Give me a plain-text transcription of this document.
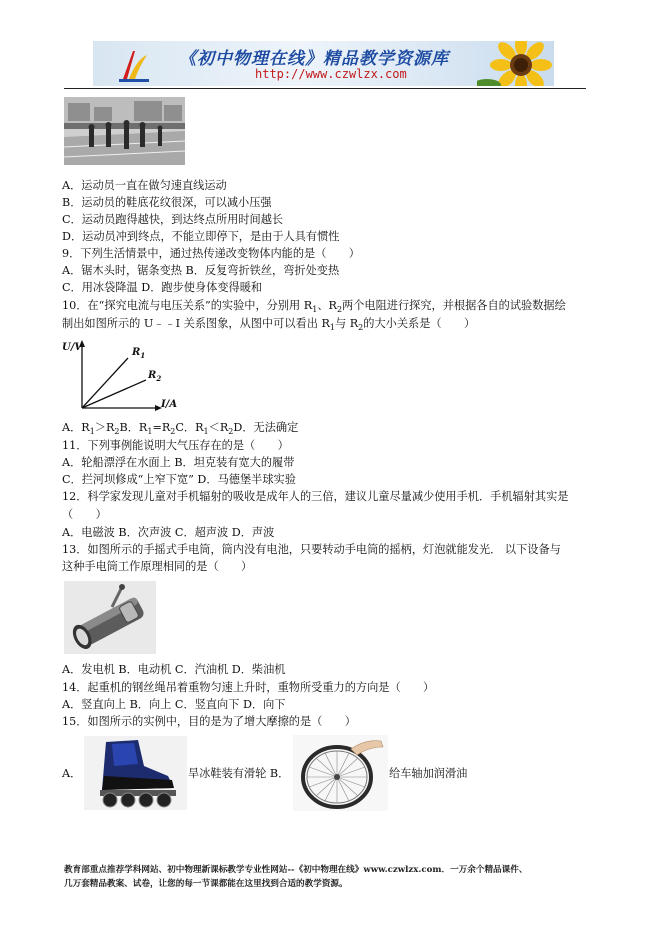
《初中物理在线》精品教学资源库
http://www.czwlzx.com
A．运动员一直在做匀速直线运动
B．运动员的鞋底花纹很深，可以减小压强
C．运动员跑得越快，到达终点所用时间越长
D．运动员冲到终点，不能立即停下，是由于人具有惯性
9．下列生活情景中，通过热传递改变物体内能的是（　　）
A．锯木头时，锯条变热 B．反复弯折铁丝，弯折处变热
C．用冰袋降温 D．跑步使身体变得暖和
10．在“探究电流与电压关系”的实验中，分别用 $R_1$、$R_2$两个电阻进行探究，并根据各自的试验数据绘
制出如图所示的 U﹣﹣I 关系图象，从图中可以看出 $R_1$与 $R_2$的大小关系是（　　）
U/V
I/A
$R_1$
$R_2$
A．$R_1>R_2B$．$R_1=R_2C$．$R_1<R_2D$．无法确定
11．下列事例能说明大气压存在的是（　　）
A．轮船漂浮在水面上 B．坦克装有宽大的履带
C．拦河坝修成“上窄下宽” D．马德堡半球实验
12．科学家发现儿童对手机辐射的吸收是成年人的三倍，建议儿童尽量减少使用手机．手机辐射其实是
（　　）
A．电磁波 B．次声波 C．超声波 D．声波
13．如图所示的手摇式手电筒，筒内没有电池，只要转动手电筒的摇柄，灯泡就能发光． 以下设备与
这种手电筒工作原理相同的是（　　）
A．发电机 B．电动机 C．汽油机 D．柴油机
14．起重机的钢丝绳吊着重物匀速上升时，重物所受重力的方向是（　　）
A．竖直向上 B．向上 C．竖直向下 D．向下
15．如图所示的实例中，目的是为了增大摩擦的是（　　）
A．	旱冰鞋装有滑轮 B．	给车轴加润滑油
教育部重点推荐学科网站、初中物理新课标教学专业性网站--《初中物理在线》www.czwlzx.com．一万余个精品课件、
几万套精品教案、试卷，让您的每一节课都能在这里找到合适的教学资源。
